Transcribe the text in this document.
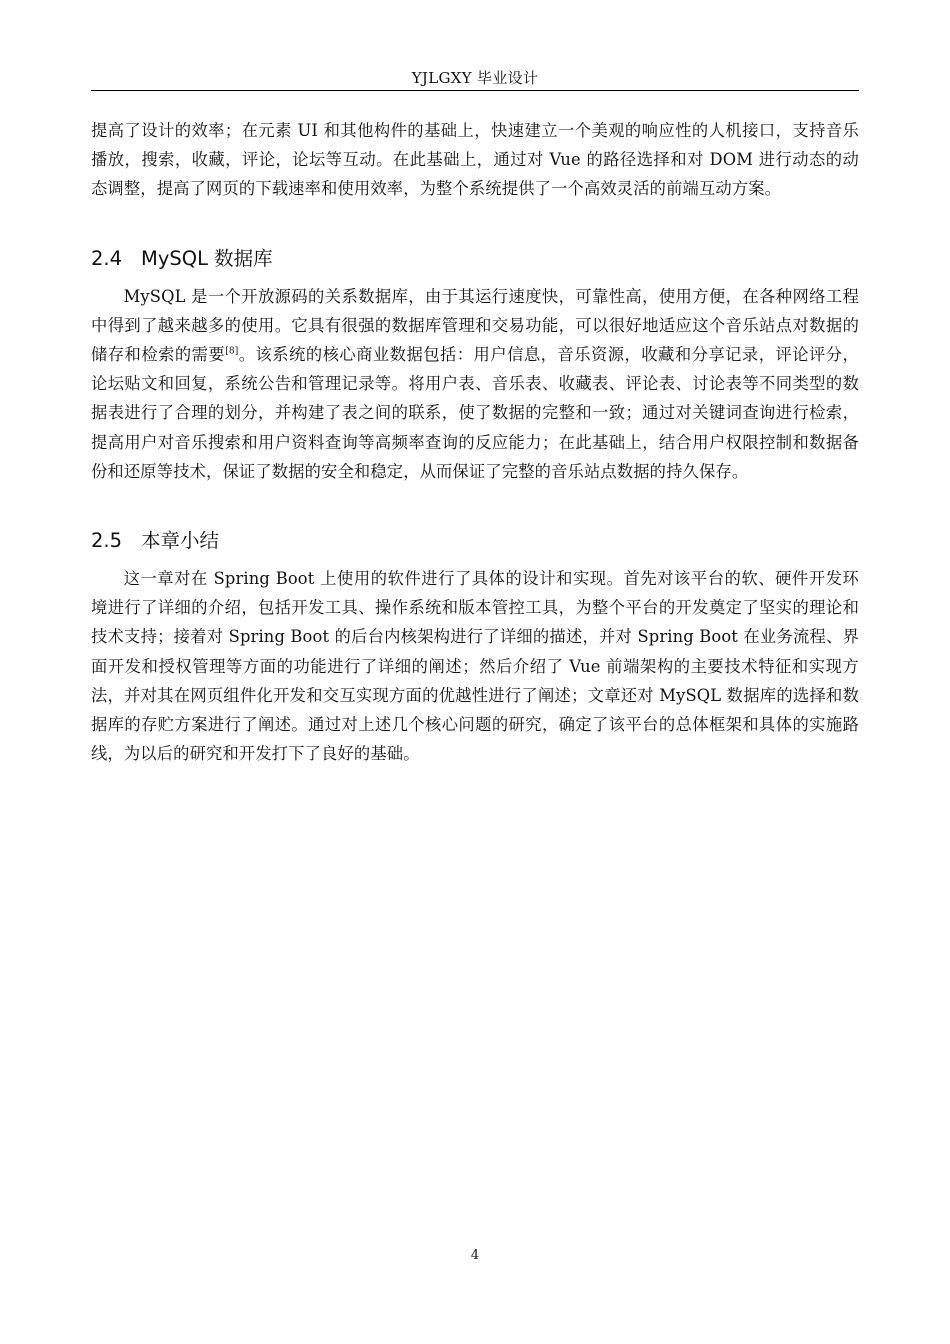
YJLGXY 毕业设计

提高了设计的效率；在元素 UI 和其他构件的基础上，快速建立一个美观的响应性的人机接口，支持音乐播放，搜索，收藏，评论，论坛等互动。在此基础上，通过对 Vue 的路径选择和对 DOM 进行动态的动态调整，提高了网页的下载速率和使用效率，为整个系统提供了一个高效灵活的前端互动方案。

2.4 MySQL 数据库

MySQL 是一个开放源码的关系数据库，由于其运行速度快，可靠性高，使用方便，在各种网络工程中得到了越来越多的使用。它具有很强的数据库管理和交易功能，可以很好地适应这个音乐站点对数据的储存和检索的需要[8]。该系统的核心商业数据包括：用户信息，音乐资源，收藏和分享记录，评论评分，论坛贴文和回复，系统公告和管理记录等。将用户表、音乐表、收藏表、评论表、讨论表等不同类型的数据表进行了合理的划分，并构建了表之间的联系，使了数据的完整和一致；通过对关键词查询进行检索，提高用户对音乐搜索和用户资料查询等高频率查询的反应能力；在此基础上，结合用户权限控制和数据备份和还原等技术，保证了数据的安全和稳定，从而保证了完整的音乐站点数据的持久保存。

2.5 本章小结

这一章对在 Spring Boot 上使用的软件进行了具体的设计和实现。首先对该平台的软、硬件开发环境进行了详细的介绍，包括开发工具、操作系统和版本管控工具，为整个平台的开发奠定了坚实的理论和技术支持；接着对 Spring Boot 的后台内核架构进行了详细的描述，并对 Spring Boot 在业务流程、界面开发和授权管理等方面的功能进行了详细的阐述；然后介绍了 Vue 前端架构的主要技术特征和实现方法，并对其在网页组件化开发和交互实现方面的优越性进行了阐述；文章还对 MySQL 数据库的选择和数据库的存贮方案进行了阐述。通过对上述几个核心问题的研究，确定了该平台的总体框架和具体的实施路线，为以后的研究和开发打下了良好的基础。

4
